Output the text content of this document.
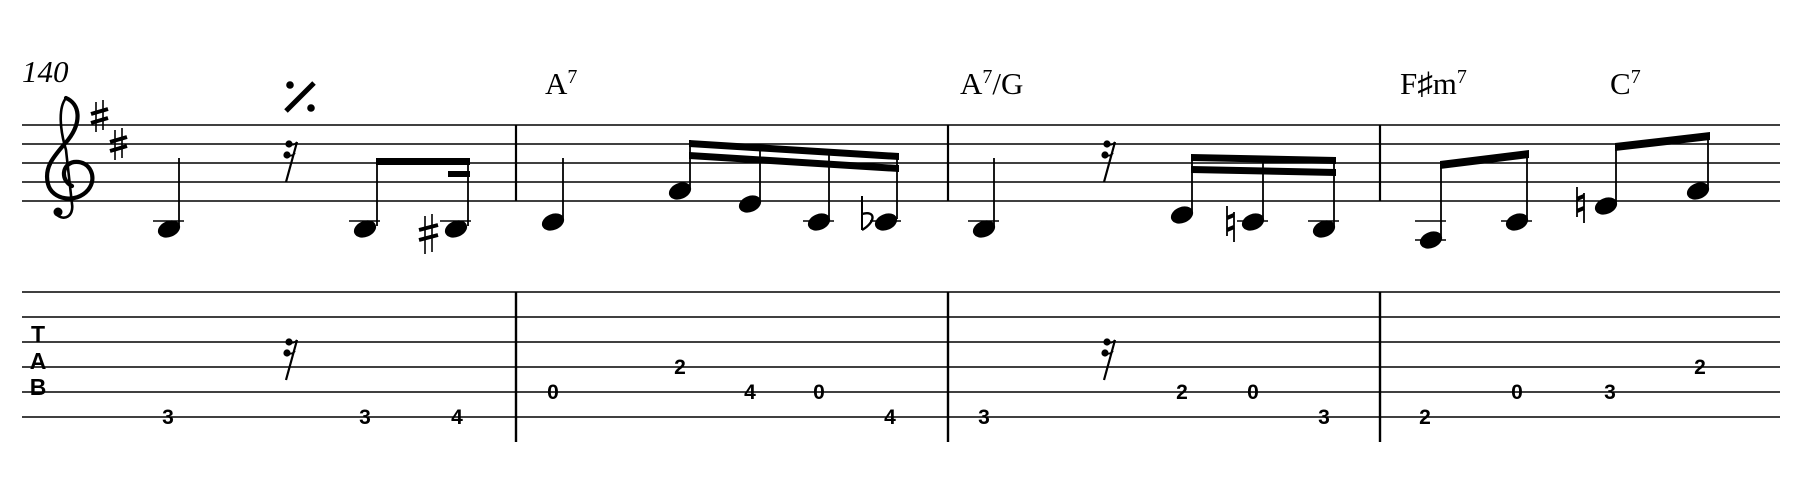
140	$A^7$	$A^7/G$	$F♯m^7$	$C^7$
T
A
B
3	3	4
0
2
4	0
4	3
2	0
3	2
0	3
2
